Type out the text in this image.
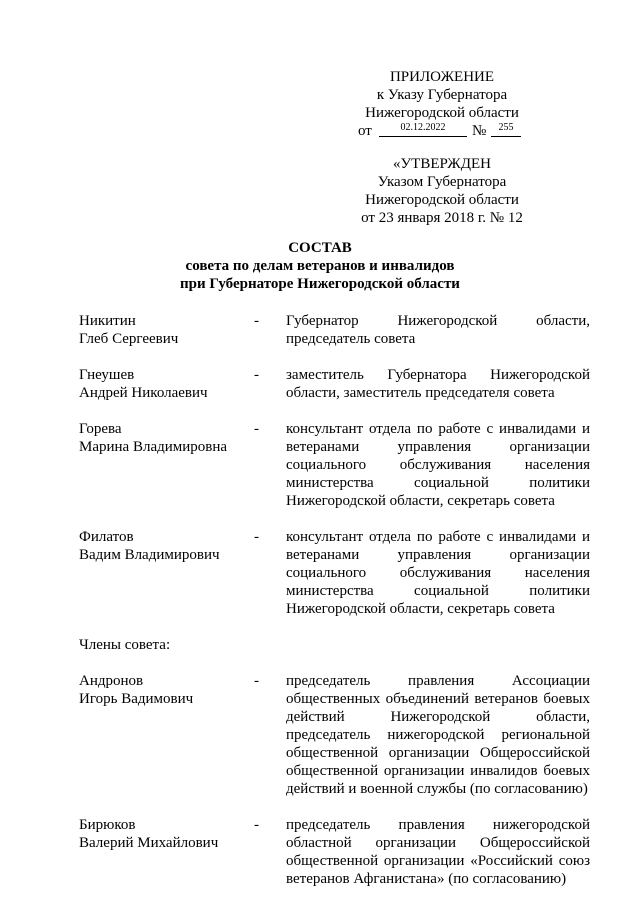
ПРИЛОЖЕНИЕ
к Указу Губернатора
Нижегородской области
от	02.12.2022	№	255
«УТВЕРЖДЕН
Указом Губернатора
Нижегородской области
от 23 января 2018 г. № 12
СОСТАВ
совета по делам ветеранов и инвалидов
при Губернаторе Нижегородской области
Никитин
Глеб Сергеевич
- Губернатор Нижегородской области, председатель совета
Гнеушев
Андрей Николаевич
- заместитель Губернатора Нижегородской области, заместитель председателя совета
Горева
Марина Владимировна
- консультант отдела по работе с инвалидами и ветеранами управления организации социального обслуживания населения министерства социальной политики Нижегородской области, секретарь совета
Филатов
Вадим Владимирович
- консультант отдела по работе с инвалидами и ветеранами управления организации социального обслуживания населения министерства социальной политики Нижегородской области, секретарь совета
Члены совета:
Андронов
Игорь Вадимович
- председатель правления Ассоциации общественных объединений ветеранов боевых действий Нижегородской области, председатель нижегородской региональной общественной организации Общероссийской общественной организации инвалидов боевых действий и военной службы (по согласованию)
Бирюков
Валерий Михайлович
- председатель правления нижегородской областной организации Общероссийской общественной организации «Российский союз ветеранов Афганистана» (по согласованию)
